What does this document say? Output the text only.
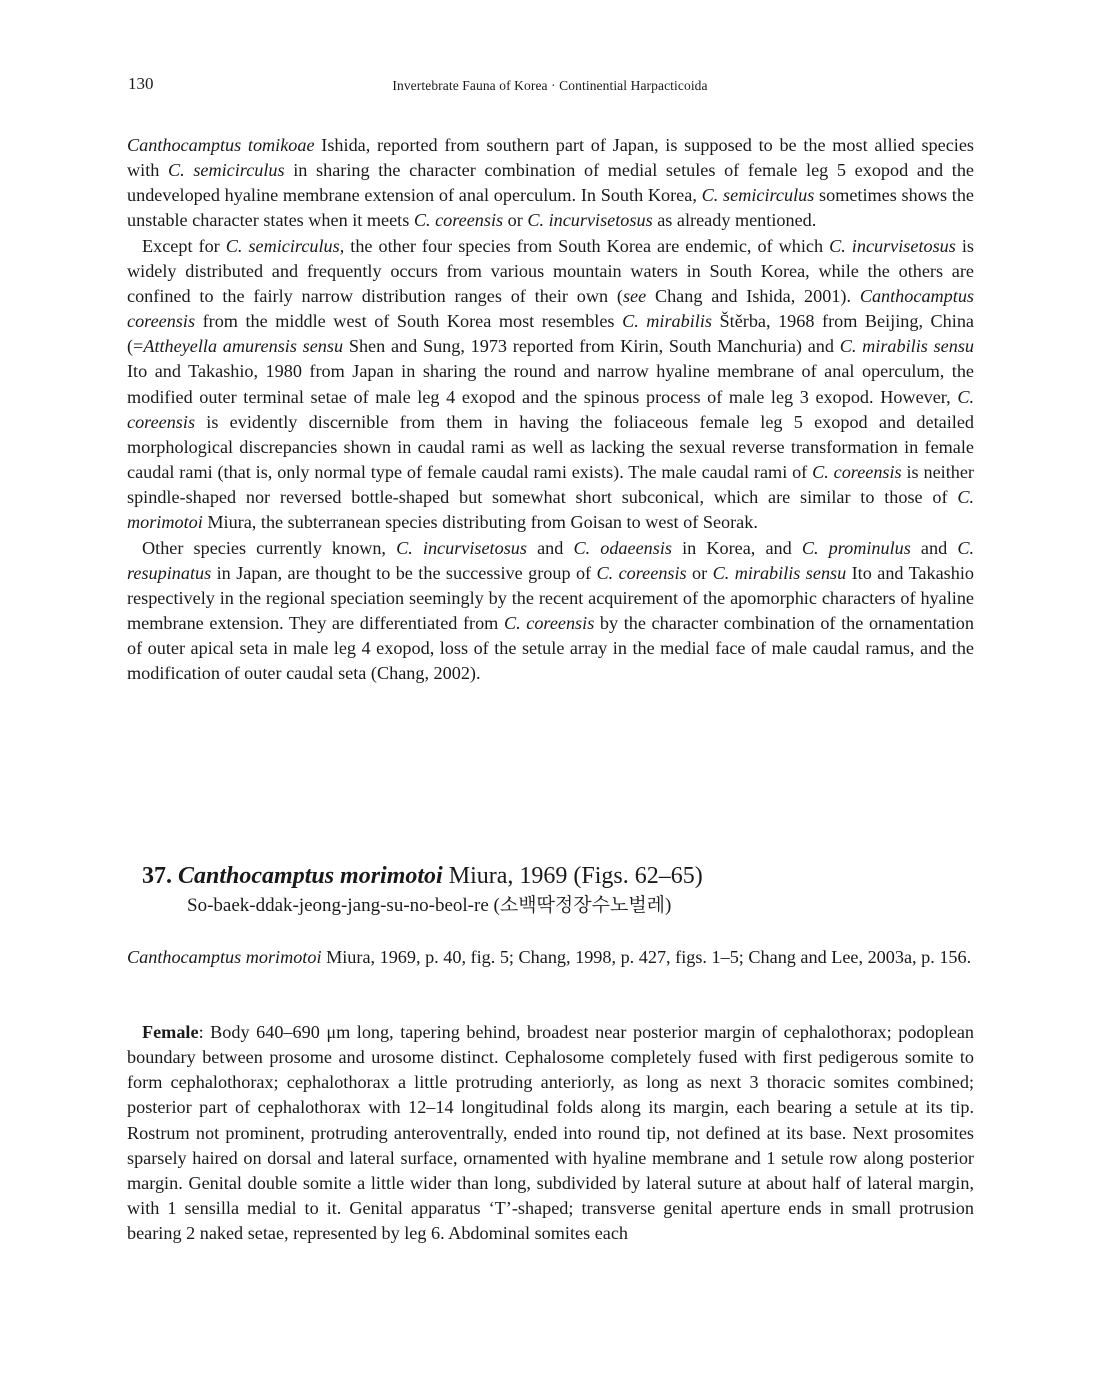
130	Invertebrate Fauna of Korea · Continential Harpacticoida

Canthocamptus tomikoae Ishida, reported from southern part of Japan, is supposed to be the most allied species with C. semicirculus in sharing the character combination of medial setules of female leg 5 exopod and the undeveloped hyaline membrane extension of anal operculum. In South Korea, C. semicirculus sometimes shows the unstable character states when it meets C. coreensis or C. incurvisetosus as already mentioned.

Except for C. semicirculus, the other four species from South Korea are endemic, of which C. incurvisetosus is widely distributed and frequently occurs from various mountain waters in South Korea, while the others are confined to the fairly narrow distribution ranges of their own (see Chang and Ishida, 2001). Canthocamptus coreensis from the middle west of South Korea most resembles C. mirabilis Štěrba, 1968 from Beijing, China (=Attheyella amurensis sensu Shen and Sung, 1973 reported from Kirin, South Manchuria) and C. mirabilis sensu Ito and Takashio, 1980 from Japan in sharing the round and narrow hyaline membrane of anal operculum, the modified outer terminal setae of male leg 4 exopod and the spinous process of male leg 3 exopod. However, C. coreensis is evidently discernible from them in having the foliaceous female leg 5 exopod and detailed morphological discrepancies shown in caudal rami as well as lacking the sexual reverse transformation in female caudal rami (that is, only normal type of female caudal rami exists). The male caudal rami of C. coreensis is neither spindle-shaped nor reversed bottle-shaped but somewhat short subconical, which are similar to those of C. morimotoi Miura, the subterranean species distributing from Goisan to west of Seorak.

Other species currently known, C. incurvisetosus and C. odaeensis in Korea, and C. prominulus and C. resupinatus in Japan, are thought to be the successive group of C. coreensis or C. mirabilis sensu Ito and Takashio respectively in the regional speciation seemingly by the recent acquirement of the apomorphic characters of hyaline membrane extension. They are differentiated from C. coreensis by the character combination of the ornamentation of outer apical seta in male leg 4 exopod, loss of the setule array in the medial face of male caudal ramus, and the modification of outer caudal seta (Chang, 2002).

37. Canthocamptus morimotoi Miura, 1969 (Figs. 62–65)
So-baek-ddak-jeong-jang-su-no-beol-re (소백딱정장수노벌레)
Canthocamptus morimotoi Miura, 1969, p. 40, fig. 5; Chang, 1998, p. 427, figs. 1–5; Chang and Lee, 2003a, p. 156.

Female: Body 640–690 μm long, tapering behind, broadest near posterior margin of cephalothorax; podoplean boundary between prosome and urosome distinct. Cephalosome completely fused with first pedigerous somite to form cephalothorax; cephalothorax a little protruding anteriorly, as long as next 3 thoracic somites combined; posterior part of cephalothorax with 12–14 longitudinal folds along its margin, each bearing a setule at its tip. Rostrum not prominent, protruding anteroventrally, ended into round tip, not defined at its base. Next prosomites sparsely haired on dorsal and lateral surface, ornamented with hyaline membrane and 1 setule row along posterior margin. Genital double somite a little wider than long, subdivided by lateral suture at about half of lateral margin, with 1 sensilla medial to it. Genital apparatus ‘T’-shaped; transverse genital aperture ends in small protrusion bearing 2 naked setae, represented by leg 6. Abdominal somites each
